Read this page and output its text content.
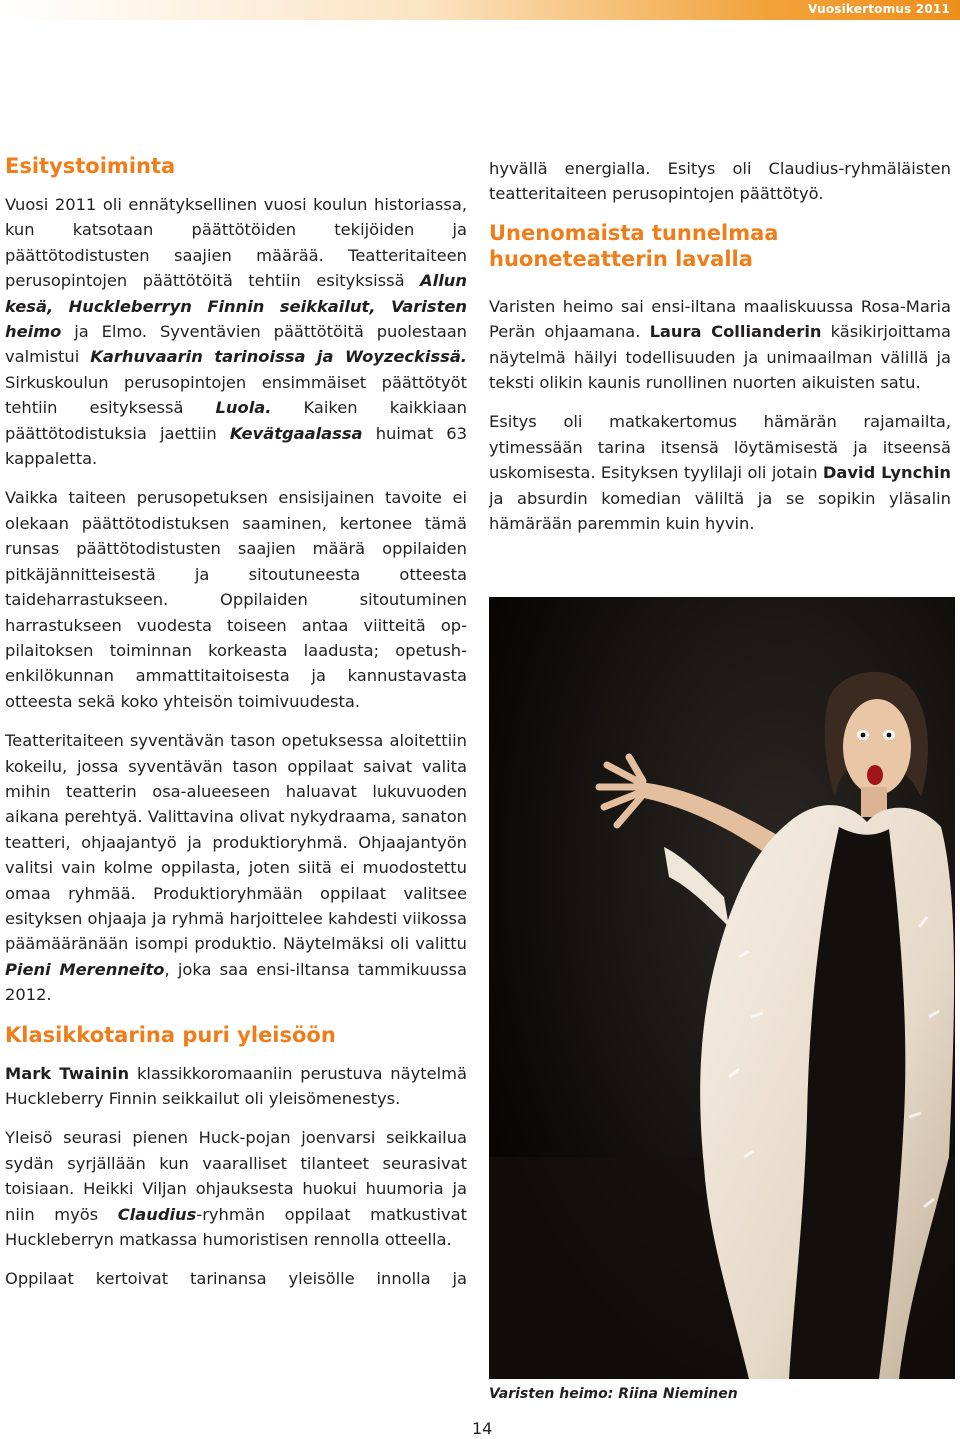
Vuosikertomus 2011
Esitystoiminta

Vuosi 2011 oli ennätyksellinen vuosi koulun historiassa, kun katsotaan päättötöiden tekijöiden ja päättötodistusten saajien määrää. Teatteritaiteen perusopintojen päättötöitä tehtiin esityksissä Allun kesä, Huckleberryn Finnin seikkailut, Varisten heimo ja Elmo. Syventävien päättötöitä puolestaan valmistui Karhuvaarin tarinoissa ja Woyzeckissä. Sirkuskoulun perusopintojen ensimmäiset päättötyöt tehtiin esityksessä Luola. Kaiken kaikkiaan päättötodistuksia jaettiin Kevätgaalassa huimat 63 kappaletta.

Vaikka taiteen perusopetuksen ensisijainen tavoite ei olekaan päättötodistuksen saaminen, kertonee tämä runsas päättötodistusten saajien määrä oppilaiden pitkäjännitteisestä ja sitoutuneesta otteesta taideharrastukseen. Oppilaiden sitoutuminen harrastukseen vuodesta toiseen antaa viitteitä oppilaitoksen toiminnan korkeasta laadusta; opetushenkilökunnan ammattitaitoisesta ja kannustavasta otteesta sekä koko yhteisön toimivuudesta.

Teatteritaiteen syventävän tason opetuksessa aloitettiin kokeilu, jossa syventävän tason oppilaat saivat valita mihin teatterin osa-alueeseen haluavat lukuvuoden aikana perehtyä. Valittavina olivat nykydraama, sanaton teatteri, ohjaajantyö ja produktioryhmä. Ohjaajantyön valitsi vain kolme oppilasta, joten siitä ei muodostettu omaa ryhmää. Produktioryhmään oppilaat valitsee esityksen ohjaaja ja ryhmä harjoittelee kahdesti viikossa päämääränään isompi produktio. Näytelmäksi oli valittu Pieni Merenneito, joka saa ensi-iltansa tammikuussa 2012.

Klasikkotarina puri yleisöön

Mark Twainin klassikkoromaaniin perustuva näytelmä Huckleberry Finnin seikkailut oli yleisömenestys.

Yleisö seurasi pienen Huck-pojan joenvarsi seikkailua sydän syrjällään kun vaaralliset tilanteet seurasivat toisiaan. Heikki Viljan ohjauksesta huokui huumoria ja niin myös Claudius-ryhmän oppilaat matkustivat Huckleberryn matkassa humoristisen rennolla otteella.

Oppilaat kertoivat tarinansa yleisölle innolla ja

hyvällä energialla. Esitys oli Claudius-ryhmäläisten teatteritaiteen perusopintojen päättötyö.

Unenomaista tunnelmaa huoneteatterin lavalla

Varisten heimo sai ensi-iltana maaliskuussa Rosa-Maria Perän ohjaamana. Laura Collianderin käsikirjoittama näytelmä häilyi todellisuuden ja unimaailman välillä ja teksti olikin kaunis runollinen nuorten aikuisten satu.

Esitys oli matkakertomus hämärän rajamailta, ytimessään tarina itsensä löytämisestä ja itseensä uskomisesta. Esityksen tyylilaji oli jotain David Lynchin ja absurdin komedian väliltä ja se sopikin yläsalin hämärään paremmin kuin hyvin.

Varisten heimo: Riina Nieminen
14
